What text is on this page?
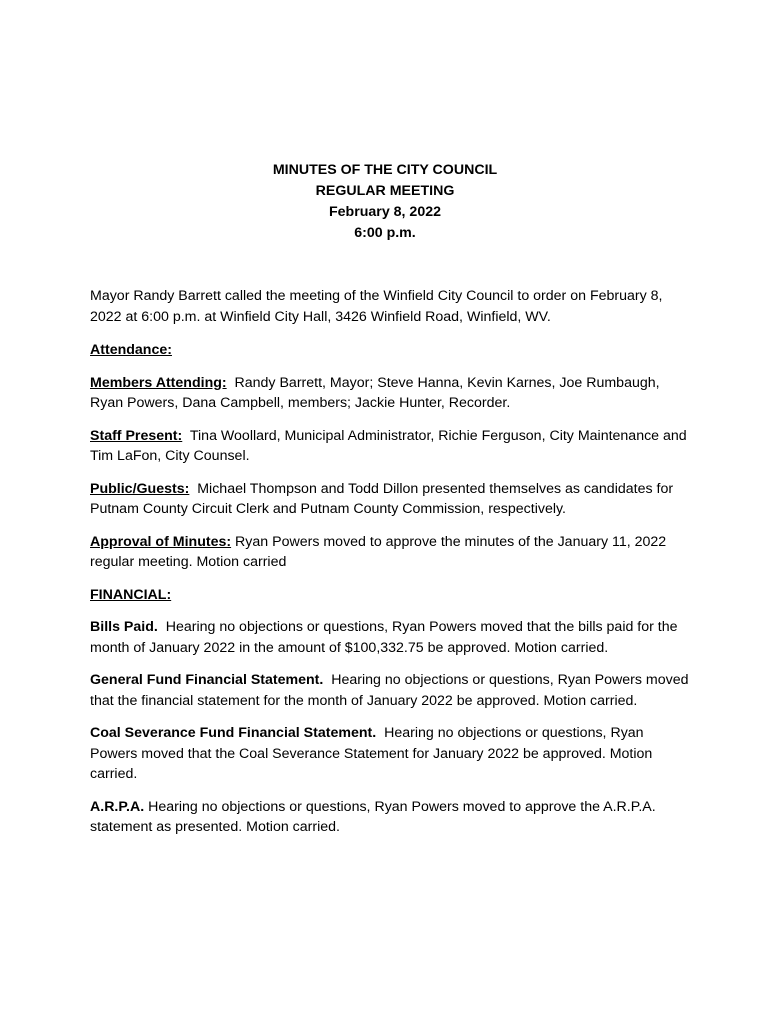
MINUTES OF THE CITY COUNCIL
REGULAR MEETING
February 8, 2022
6:00 p.m.

Mayor Randy Barrett called the meeting of the Winfield City Council to order on February 8, 2022 at 6:00 p.m. at Winfield City Hall, 3426 Winfield Road, Winfield, WV.

Attendance:

Members Attending: Randy Barrett, Mayor; Steve Hanna, Kevin Karnes, Joe Rumbaugh, Ryan Powers, Dana Campbell, members; Jackie Hunter, Recorder.

Staff Present: Tina Woollard, Municipal Administrator, Richie Ferguson, City Maintenance and Tim LaFon, City Counsel.

Public/Guests: Michael Thompson and Todd Dillon presented themselves as candidates for Putnam County Circuit Clerk and Putnam County Commission, respectively.

Approval of Minutes: Ryan Powers moved to approve the minutes of the January 11, 2022 regular meeting. Motion carried

FINANCIAL:

Bills Paid. Hearing no objections or questions, Ryan Powers moved that the bills paid for the month of January 2022 in the amount of $100,332.75 be approved. Motion carried.

General Fund Financial Statement. Hearing no objections or questions, Ryan Powers moved that the financial statement for the month of January 2022 be approved. Motion carried.

Coal Severance Fund Financial Statement. Hearing no objections or questions, Ryan Powers moved that the Coal Severance Statement for January 2022 be approved. Motion carried.

A.R.P.A. Hearing no objections or questions, Ryan Powers moved to approve the A.R.P.A. statement as presented. Motion carried.
